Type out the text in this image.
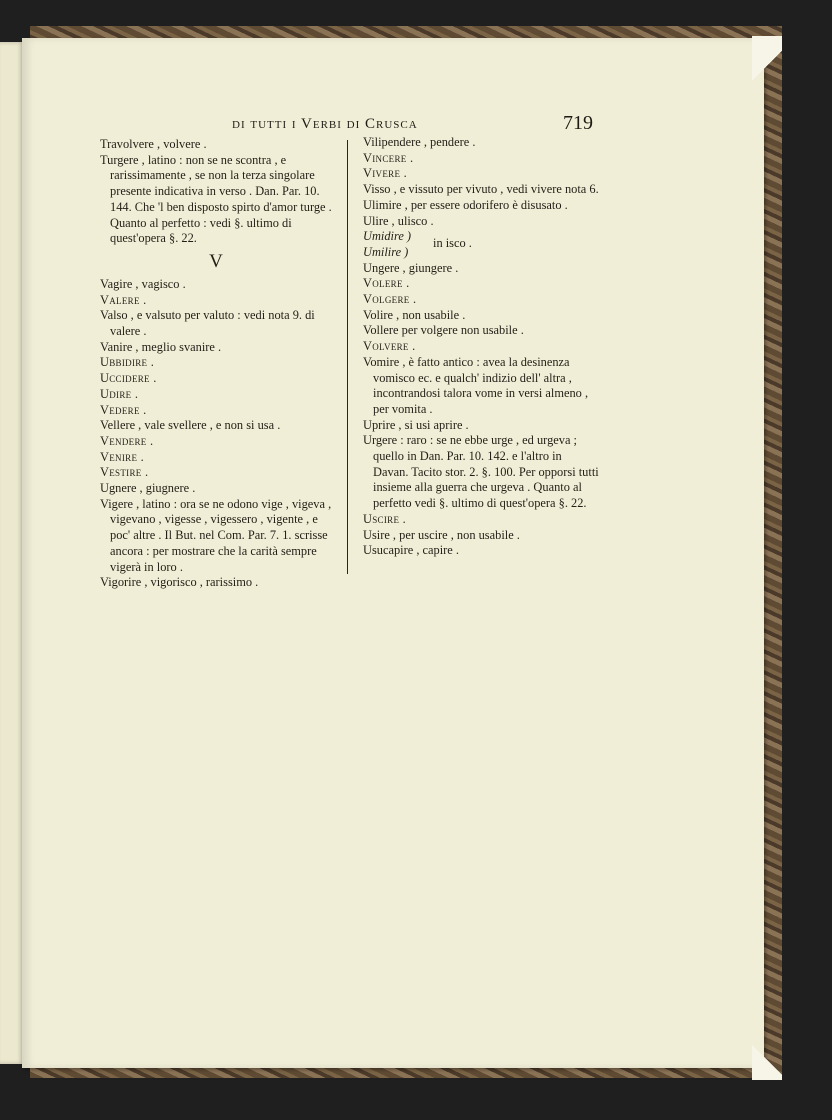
di tutti i Verbi di Crusca	719

Travolvere , volvere .

Turgere , latino : non se ne scontra , e rarissimamente , se non la terza singolare presente indicativa in verso . Dan. Par. 10. 144. Che 'l ben disposto spirto d'amor turge . Quanto al perfetto : vedi §. ultimo di quest'opera §. 22.

V

Vagire , vagisco .

Valere .

Valso , e valsuto per valuto : vedi nota 9. di valere .

Vanire , meglio svanire .

Ubbidire .

Uccidere .

Udire .

Vedere .

Vellere , vale svellere , e non si usa .

Vendere .

Venire .

Vestire .

Ugnere , giugnere .

Vigere , latino : ora se ne odono vige , vigeva , vigevano , vigesse , vigessero , vigente , e poc' altre . Il But. nel Com. Par. 7. 1. scrisse ancora : per mostrare che la carità sempre vigerà in loro .

Vigorire , vigorisco , rarissimo .

Vilipendere , pendere .

Vincere .

Vivere .

Visso , e vissuto per vivuto , vedi vivere nota 6.

Ulimire , per essere odorifero è disusato .

Ulire , ulisco .

Umidire )

Umilire )

in isco .

Ungere , giungere .

Volere .

Volgere .

Volire , non usabile .

Vollere per volgere non usabile .

Volvere .

Vomire , è fatto antico : avea la desinenza vomisco ec. e qualch' indizio dell' altra , incontrandosi talora vome in versi almeno , per vomita .

Uprire , si usi aprire .

Urgere : raro : se ne ebbe urge , ed urgeva ; quello in Dan. Par. 10. 142. e l'altro in Davan. Tacito stor. 2. §. 100. Per opporsi tutti insieme alla guerra che urgeva . Quanto al perfetto vedi §. ultimo di quest'opera §. 22.

Uscire .

Usire , per uscire , non usabile .

Usucapire , capire .
